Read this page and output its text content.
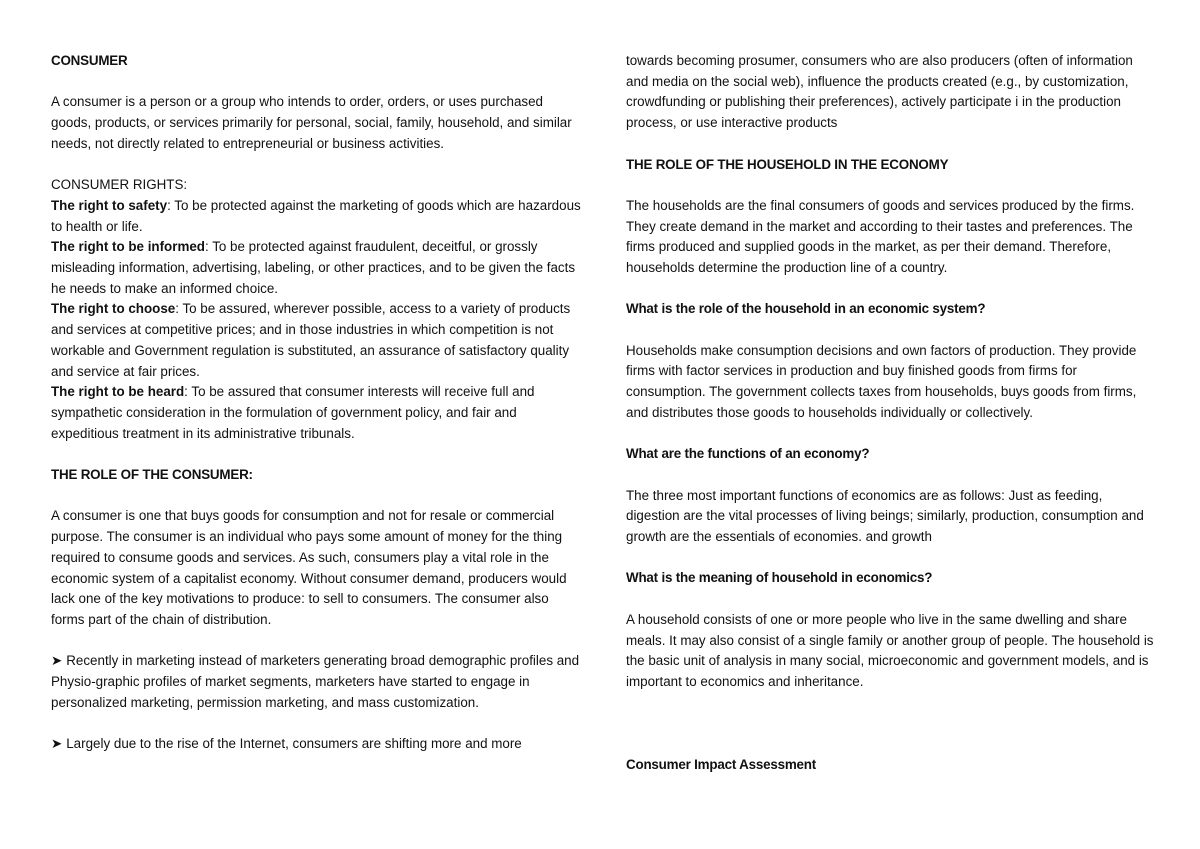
CONSUMER

A consumer is a person or a group who intends to order, orders, or uses purchased goods, products, or services primarily for personal, social, family, household, and similar needs, not directly related to entrepreneurial or business activities.

CONSUMER RIGHTS:

The right to safety: To be protected against the marketing of goods which are hazardous to health or life.

The right to be informed: To be protected against fraudulent, deceitful, or grossly misleading information, advertising, labeling, or other practices, and to be given the facts he needs to make an informed choice.

The right to choose: To be assured, wherever possible, access to a variety of products and services at competitive prices; and in those industries in which competition is not workable and Government regulation is substituted, an assurance of satisfactory quality and service at fair prices.

The right to be heard: To be assured that consumer interests will receive full and sympathetic consideration in the formulation of government policy, and fair and expeditious treatment in its administrative tribunals.

THE ROLE OF THE CONSUMER:

A consumer is one that buys goods for consumption and not for resale or commercial purpose. The consumer is an individual who pays some amount of money for the thing required to consume goods and services. As such, consumers play a vital role in the economic system of a capitalist economy. Without consumer demand, producers would lack one of the key motivations to produce: to sell to consumers. The consumer also forms part of the chain of distribution.

➤ Recently in marketing instead of marketers generating broad demographic profiles and Physio-graphic profiles of market segments, marketers have started to engage in personalized marketing, permission marketing, and mass customization.

➤ Largely due to the rise of the Internet, consumers are shifting more and more

towards becoming prosumer, consumers who are also producers (often of information and media on the social web), influence the products created (e.g., by customization, crowdfunding or publishing their preferences), actively participate i in the production process, or use interactive products

THE ROLE OF THE HOUSEHOLD IN THE ECONOMY

The households are the final consumers of goods and services produced by the firms. They create demand in the market and according to their tastes and preferences. The firms produced and supplied goods in the market, as per their demand. Therefore, households determine the production line of a country.

What is the role of the household in an economic system?

Households make consumption decisions and own factors of production. They provide firms with factor services in production and buy finished goods from firms for consumption. The government collects taxes from households, buys goods from firms, and distributes those goods to households individually or collectively.

What are the functions of an economy?

The three most important functions of economics are as follows: Just as feeding, digestion are the vital processes of living beings; similarly, production, consumption and growth are the essentials of economies. and growth

What is the meaning of household in economics?

A household consists of one or more people who live in the same dwelling and share meals. It may also consist of a single family or another group of people. The household is the basic unit of analysis in many social, microeconomic and government models, and is important to economics and inheritance.

Consumer Impact Assessment
